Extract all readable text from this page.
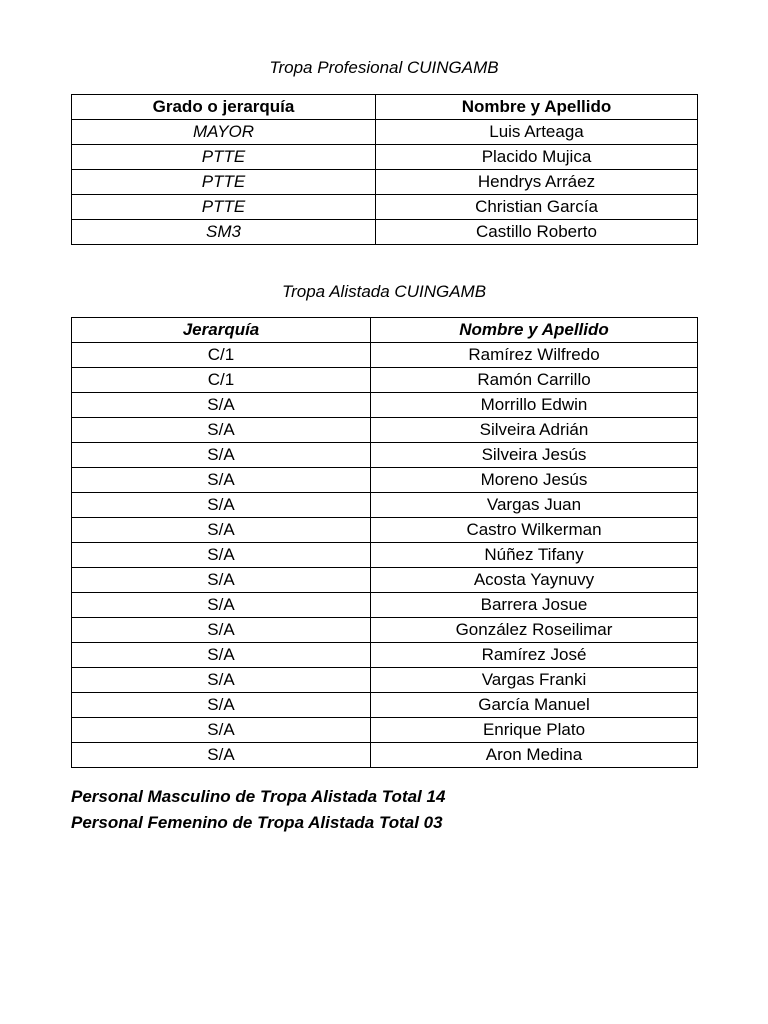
Tropa Profesional CUINGAMB
Grado o jerarquía	Nombre y Apellido
MAYOR	Luis Arteaga
PTTE	Placido Mujica
PTTE	Hendrys Arráez
PTTE	Christian García
SM3	Castillo Roberto
Tropa Alistada CUINGAMB
Jerarquía	Nombre y Apellido
C/1	Ramírez Wilfredo
C/1	Ramón Carrillo
S/A	Morrillo Edwin
S/A	Silveira Adrián
S/A	Silveira Jesús
S/A	Moreno Jesús
S/A	Vargas Juan
S/A	Castro Wilkerman
S/A	Núñez Tifany
S/A	Acosta Yaynuvy
S/A	Barrera Josue
S/A	González Roseilimar
S/A	Ramírez José
S/A	Vargas Franki
S/A	García Manuel
S/A	Enrique Plato
S/A	Aron Medina
Personal Masculino de Tropa Alistada Total 14
Personal Femenino de Tropa Alistada Total 03
